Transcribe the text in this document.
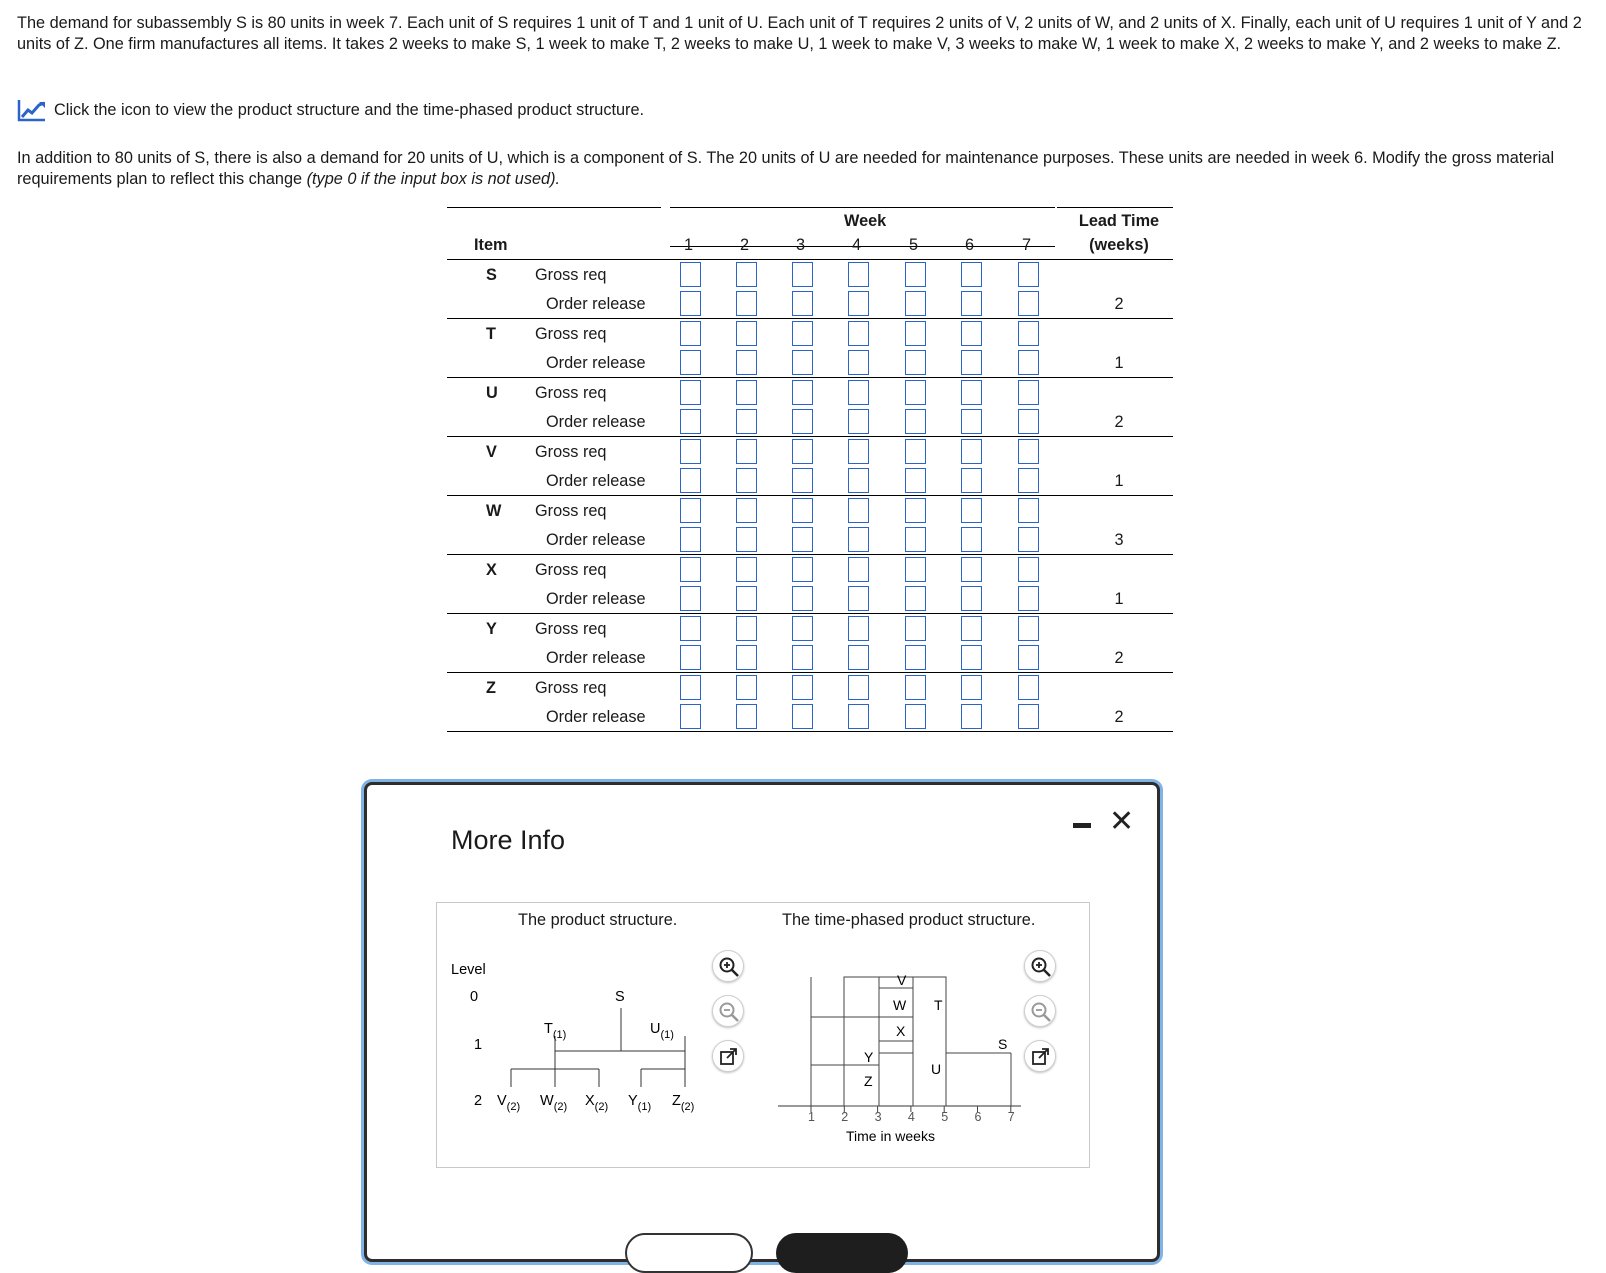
The demand for subassembly S is 80 units in week 7. Each unit of S requires 1 unit of T and 1 unit of U. Each unit of T requires 2 units of V, 2 units of W, and 2 units of X. Finally, each unit of U requires 1 unit of Y and 2 units of Z. One firm manufactures all items. It takes 2 weeks to make S, 1 week to make T, 2 weeks to make U, 1 week to make V, 3 weeks to make W, 1 week to make X, 2 weeks to make Y, and 2 weeks to make Z.

Click the icon to view the product structure and the time-phased product structure.

In addition to 80 units of S, there is also a demand for 20 units of U, which is a component of S. The 20 units of U are needed for maintenance purposes. These units are needed in week 6. Modify the gross material requirements plan to reflect this change (type 0 if the input box is not used).

Week
Item
Lead Time
(weeks)
1	2	3	4	5	6	7
S Gross req
Order release	2
T Gross req
Order release	1
U Gross req
Order release	2
V Gross req
Order release	1
W Gross req
Order release	3
X Gross req
Order release	1
Y Gross req
Order release	2
Z Gross req
Order release	2
More Info
✕
The product structure.	The time-phased product structure.
Level
0
1
2
S
$T_{(1)}$	$U_{(1)}$
$V_{(2)}$ $W_{(2)}$ $X_{(2)}$ $Y_{(1)}$ $Z_{(2)}$
V
W T
X
S
Y
U
Z
1 2 3 4 5 6 7
Time in weeks
